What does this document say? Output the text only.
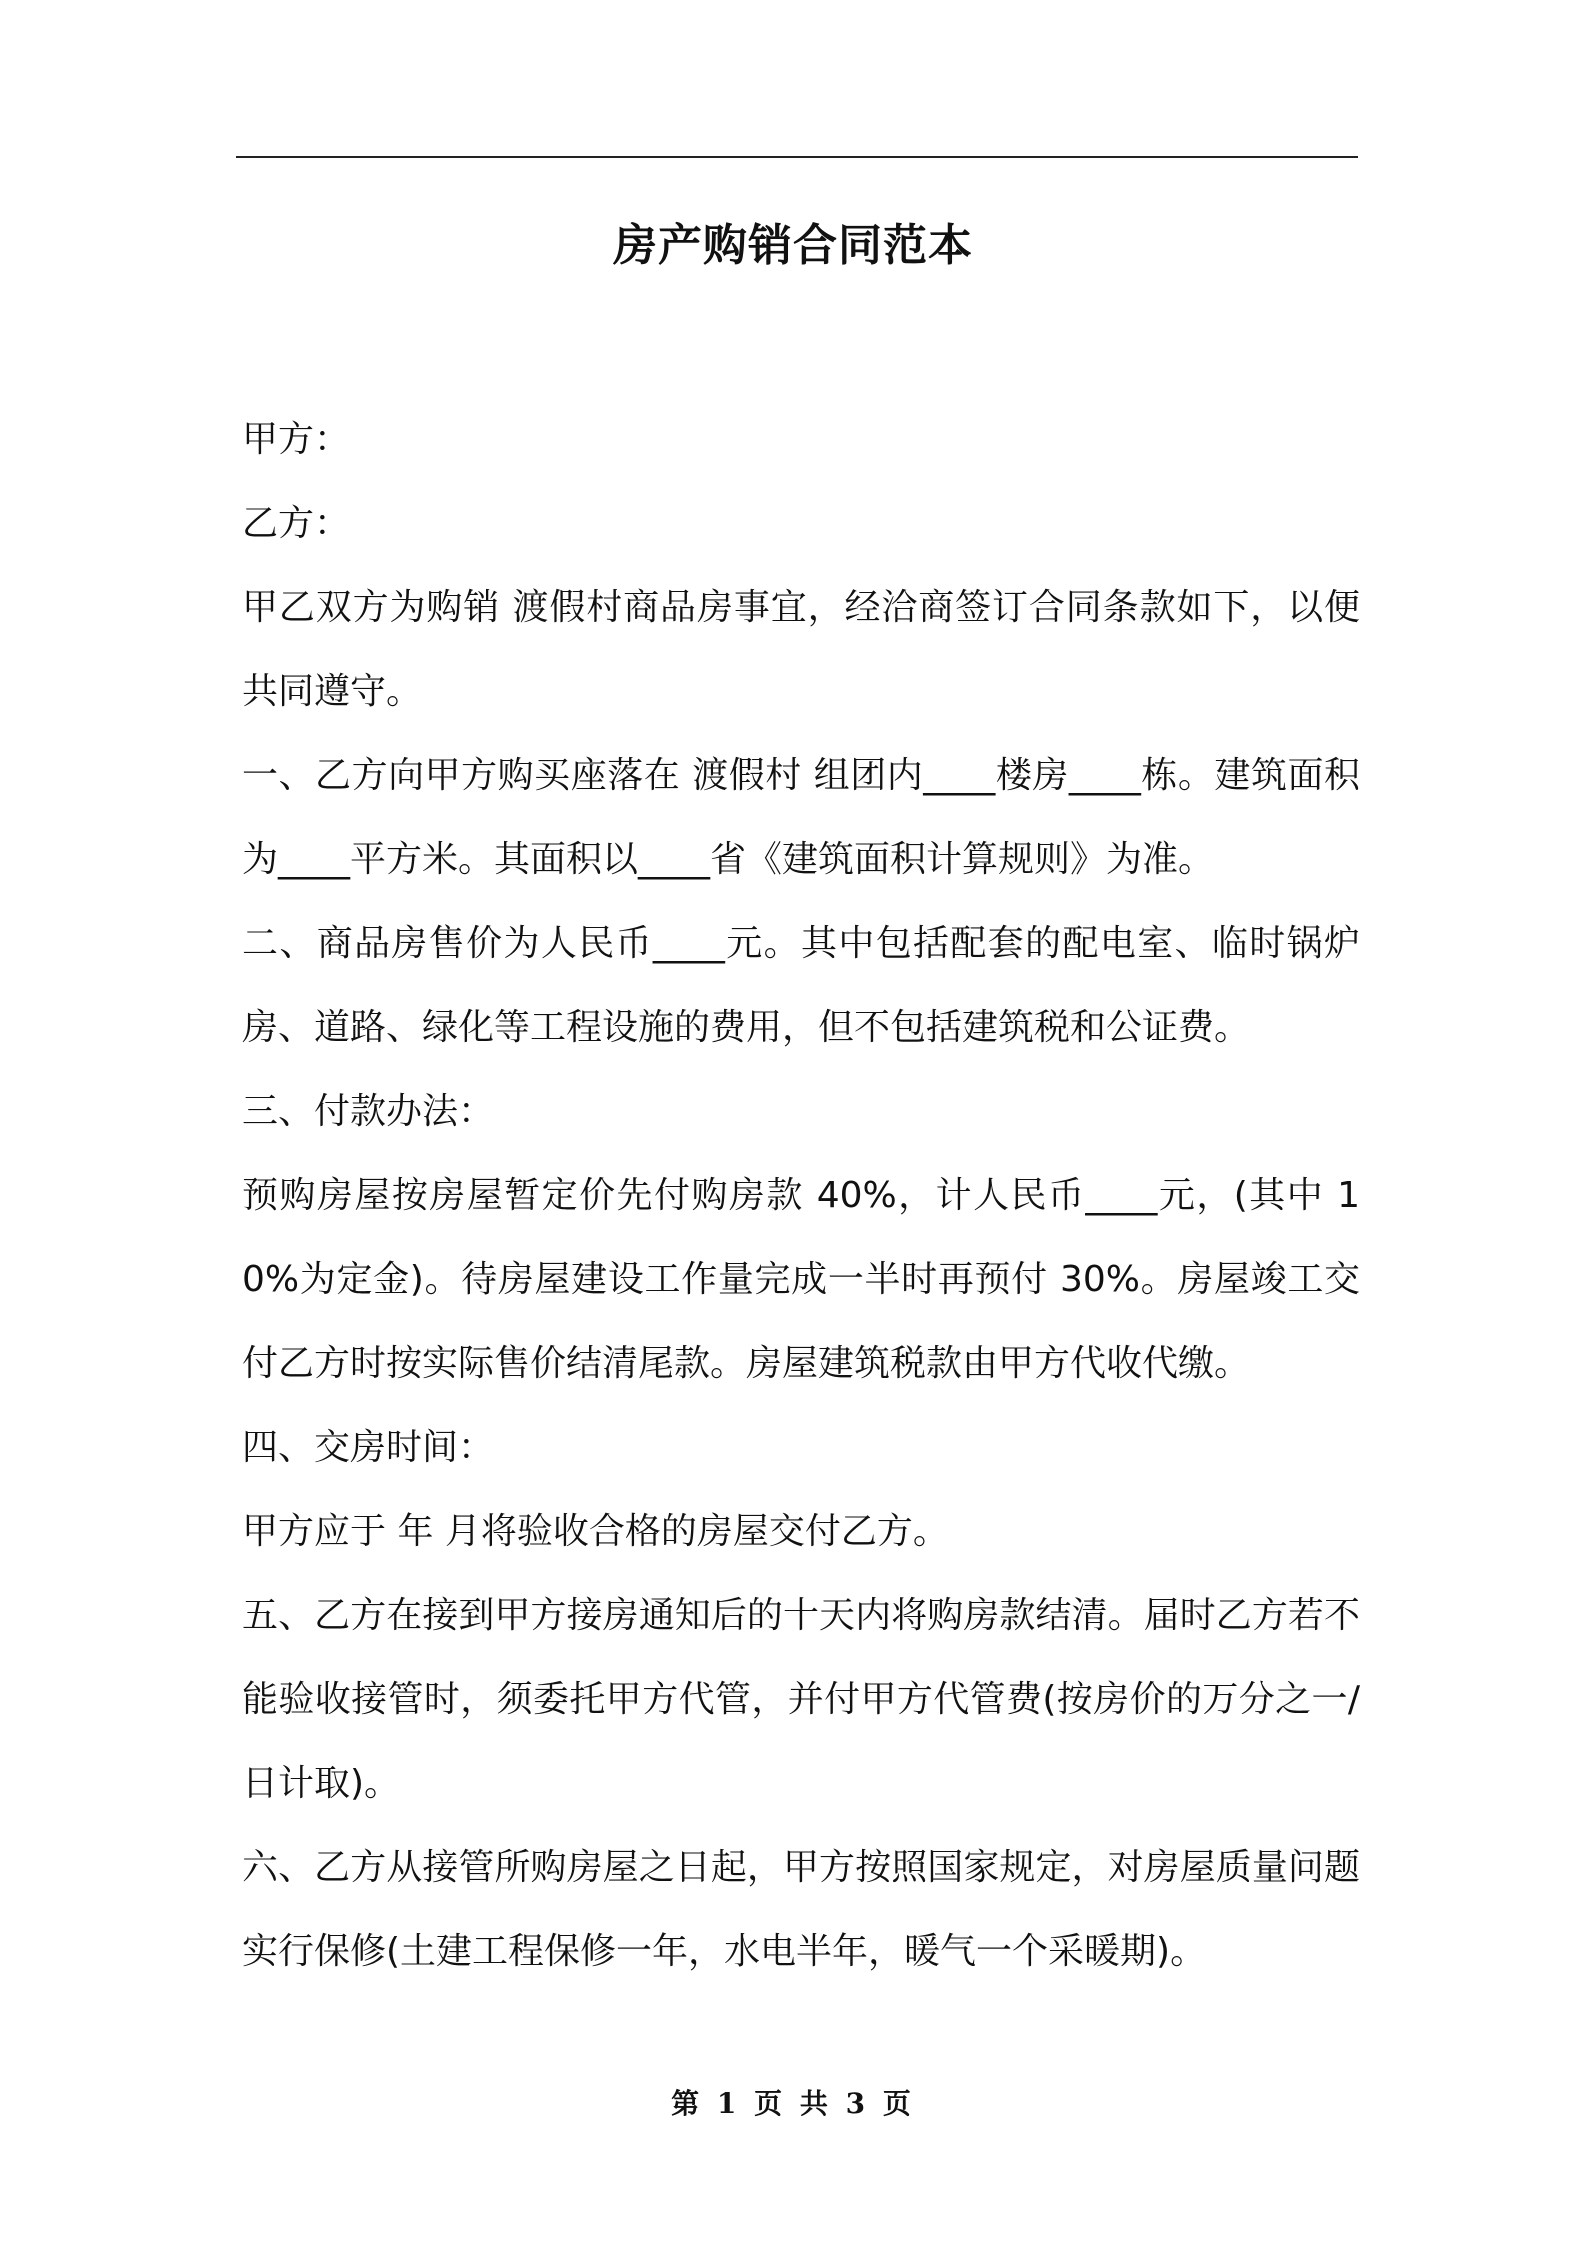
房产购销合同范本

甲方：

乙方：

甲乙双方为购销 渡假村商品房事宜，经洽商签订合同条款如下，以便共同遵守。

一、乙方向甲方购买座落在 渡假村 组团内____楼房____栋。建筑面积为____平方米。其面积以____省《建筑面积计算规则》为准。

二、商品房售价为人民币____元。其中包括配套的配电室、临时锅炉房、道路、绿化等工程设施的费用，但不包括建筑税和公证费。

三、付款办法：

预购房屋按房屋暂定价先付购房款 40%，计人民币____元，(其中 10%为定金)。待房屋建设工作量完成一半时再预付 30%。房屋竣工交付乙方时按实际售价结清尾款。房屋建筑税款由甲方代收代缴。

四、交房时间：

甲方应于 年 月将验收合格的房屋交付乙方。

五、乙方在接到甲方接房通知后的十天内将购房款结清。届时乙方若不能验收接管时，须委托甲方代管，并付甲方代管费(按房价的万分之一/日计取)。

六、乙方从接管所购房屋之日起，甲方按照国家规定，对房屋质量问题实行保修(土建工程保修一年，水电半年，暖气一个采暖期)。

第 1 页 共 3 页
